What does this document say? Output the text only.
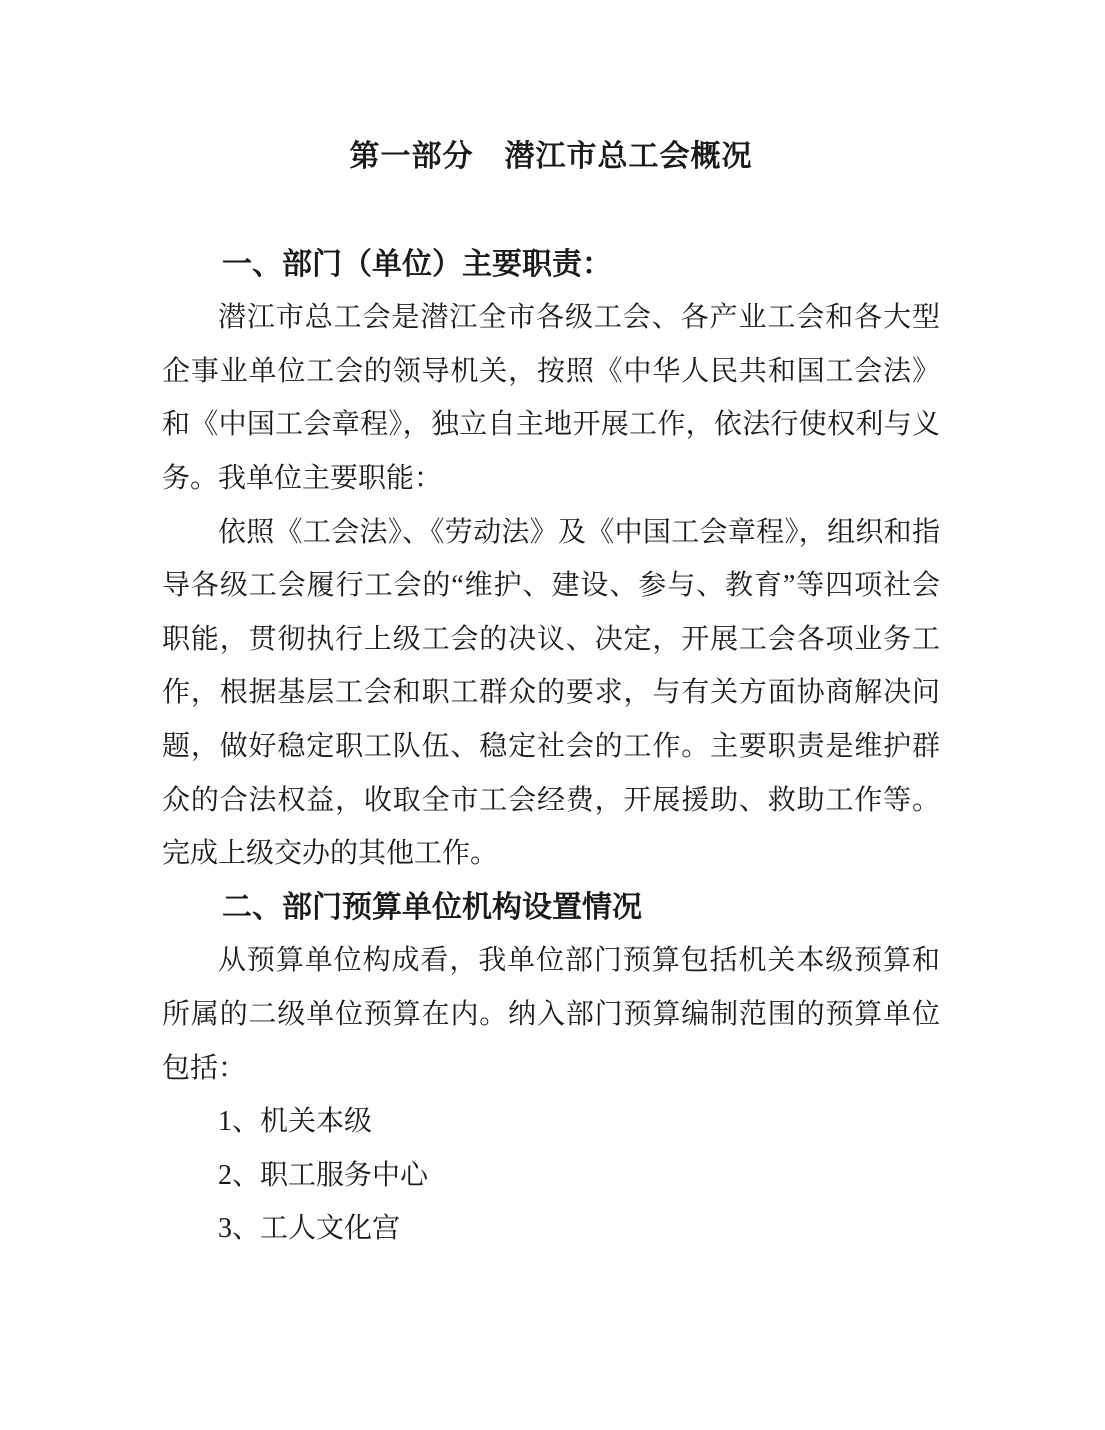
第一部分　潜江市总工会概况
一、部门（单位）主要职责：

潜江市总工会是潜江全市各级工会、各产业工会和各大型企事业单位工会的领导机关，按照《中华人民共和国工会法》和《中国工会章程》，独立自主地开展工作，依法行使权利与义务。我单位主要职能：

依照《工会法》、《劳动法》及《中国工会章程》，组织和指导各级工会履行工会的“维护、建设、参与、教育”等四项社会职能，贯彻执行上级工会的决议、决定，开展工会各项业务工作，根据基层工会和职工群众的要求，与有关方面协商解决问题，做好稳定职工队伍、稳定社会的工作。主要职责是维护群众的合法权益，收取全市工会经费，开展援助、救助工作等。完成上级交办的其他工作。

二、部门预算单位机构设置情况

从预算单位构成看，我单位部门预算包括机关本级预算和所属的二级单位预算在内。纳入部门预算编制范围的预算单位包括：

1、机关本级
2、职工服务中心
3、工人文化宫
